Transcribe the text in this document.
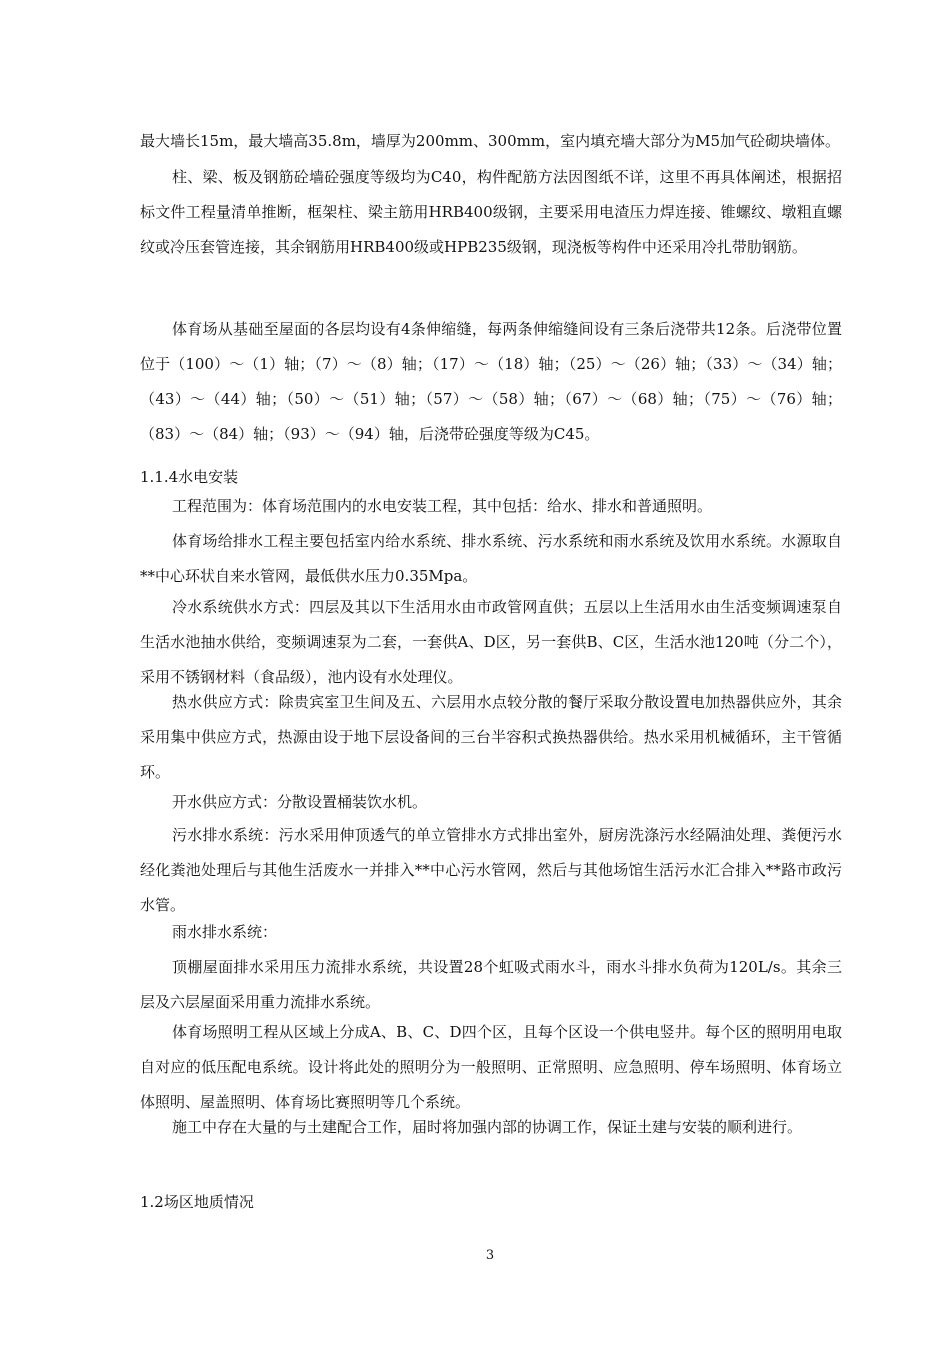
最大墙长15m，最大墙高35.8m，墙厚为200mm、300mm，室内填充墙大部分为M5加气砼砌块墙体。

柱、梁、板及钢筋砼墙砼强度等级均为C40，构件配筋方法因图纸不详，这里不再具体阐述，根据招标文件工程量清单推断，框架柱、梁主筋用HRB400级钢，主要采用电渣压力焊连接、锥螺纹、墩粗直螺纹或冷压套管连接，其余钢筋用HRB400级或HPB235级钢，现浇板等构件中还采用冷扎带肋钢筋。

体育场从基础至屋面的各层均设有4条伸缩缝，每两条伸缩缝间设有三条后浇带共12条。后浇带位置位于（100）～（1）轴；（7）～（8）轴；（17）～（18）轴；（25）～（26）轴；（33）～（34）轴；（43）～（44）轴；（50）～（51）轴；（57）～（58）轴；（67）～（68）轴；（75）～（76）轴；（83）～（84）轴；（93）～（94）轴，后浇带砼强度等级为C45。

1.1.4水电安装

工程范围为：体育场范围内的水电安装工程，其中包括：给水、排水和普通照明。

体育场给排水工程主要包括室内给水系统、排水系统、污水系统和雨水系统及饮用水系统。水源取自**中心环状自来水管网，最低供水压力0.35Mpa。

冷水系统供水方式：四层及其以下生活用水由市政管网直供；五层以上生活用水由生活变频调速泵自生活水池抽水供给，变频调速泵为二套，一套供A、D区，另一套供B、C区，生活水池120吨（分二个），采用不锈钢材料（食品级），池内设有水处理仪。

热水供应方式：除贵宾室卫生间及五、六层用水点较分散的餐厅采取分散设置电加热器供应外，其余采用集中供应方式，热源由设于地下层设备间的三台半容积式换热器供给。热水采用机械循环，主干管循环。

开水供应方式：分散设置桶装饮水机。

污水排水系统：污水采用伸顶透气的单立管排水方式排出室外，厨房洗涤污水经隔油处理、粪便污水经化粪池处理后与其他生活废水一并排入**中心污水管网，然后与其他场馆生活污水汇合排入**路市政污水管。

雨水排水系统：

顶棚屋面排水采用压力流排水系统，共设置28个虹吸式雨水斗，雨水斗排水负荷为120L/s。其余三层及六层屋面采用重力流排水系统。

体育场照明工程从区域上分成A、B、C、D四个区，且每个区设一个供电竖井。每个区的照明用电取自对应的低压配电系统。设计将此处的照明分为一般照明、正常照明、应急照明、停车场照明、体育场立体照明、屋盖照明、体育场比赛照明等几个系统。

施工中存在大量的与土建配合工作，届时将加强内部的协调工作，保证土建与安装的顺利进行。

1.2场区地质情况

3
